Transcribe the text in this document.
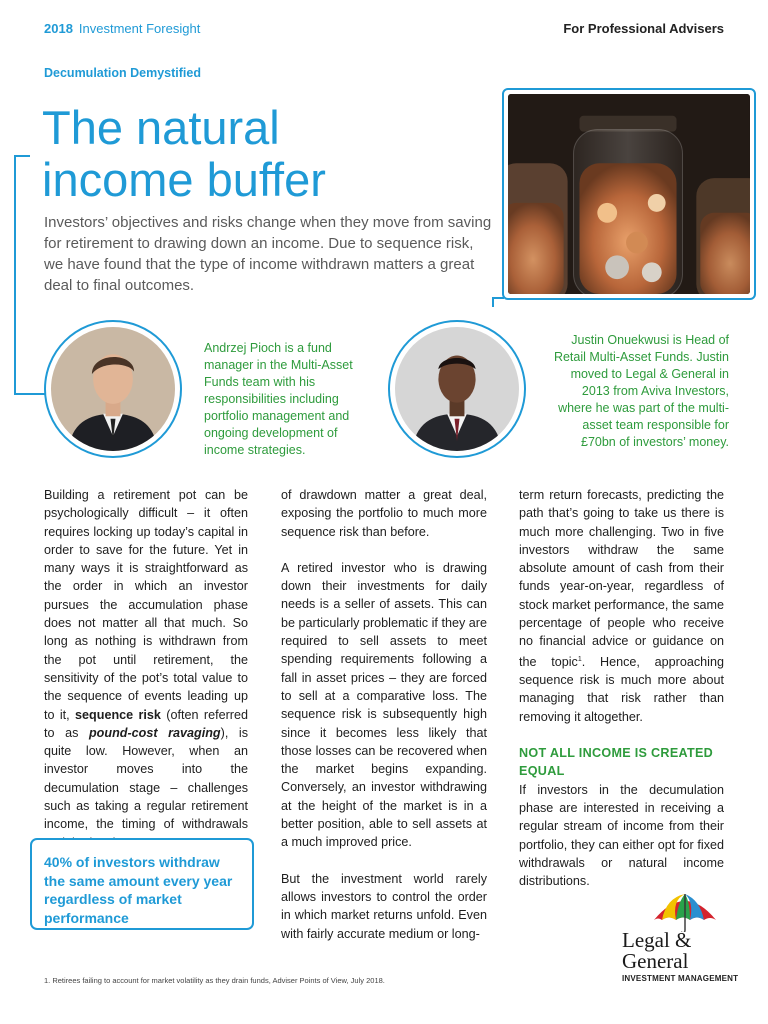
2018 Investment Foresight	For Professional Advisers
Decumulation Demystified
The natural
income buffer
Investors’ objectives and risks change when they move from saving for retirement to drawing down an income. Due to sequence risk, we have found that the type of income withdrawn matters a great deal to final outcomes.
Andrzej Pioch is a fund manager in the Multi-Asset Funds team with his responsibilities including portfolio management and ongoing development of income strategies.
Justin Onuekwusi is Head of Retail Multi-Asset Funds. Justin moved to Legal & General in 2013 from Aviva Investors, where he was part of the multi-asset team responsible for £70bn of investors’ money.

Building a retirement pot can be psychologically difficult – it often requires locking up today’s capital in order to save for the future. Yet in many ways it is straightforward as the order in which an investor pursues the accumulation phase does not matter all that much. So long as nothing is withdrawn from the pot until retirement, the sensitivity of the pot’s total value to the sequence of events leading up to it, sequence risk (often referred to as pound-cost ravaging), is quite low. However, when an investor moves into the decumulation stage – challenges such as taking a regular retirement income, the timing of withdrawals

40% of investors withdraw the same amount every year regardless of market performance

of drawdown matter a great deal, exposing the portfolio to much more sequence risk than before.

A retired investor who is drawing down their investments for daily needs is a seller of assets. This can be particularly problematic if they are required to sell assets to meet spending requirements following a fall in asset prices – they are forced to sell at a comparative loss. The sequence risk is subsequently high since it becomes less likely that those losses can be recovered when the market begins expanding. Conversely, an investor withdrawing at the height of the market is in a better position, able to sell assets at a much improved price.

But the investment world rarely allows investors to control the order in which market returns unfold. Even with fairly accurate medium or long-

term return forecasts, predicting the path that’s going to take us there is much more challenging. Two in five investors withdraw the same absolute amount of cash from their funds year-on-year, regardless of stock market performance, the same percentage of people who receive no financial advice or guidance on the topic$^1$. Hence, approaching sequence risk is much more about managing that risk rather than removing it altogether.

NOT ALL INCOME IS CREATED EQUAL

If investors in the decumulation phase are interested in receiving a regular stream of income from their portfolio, they can either opt for fixed withdrawals or natural income distributions.

1. Retirees failing to account for market volatility as they drain funds, Adviser Points of View, July 2018.
Legal &
General
INVESTMENT MANAGEMENT
